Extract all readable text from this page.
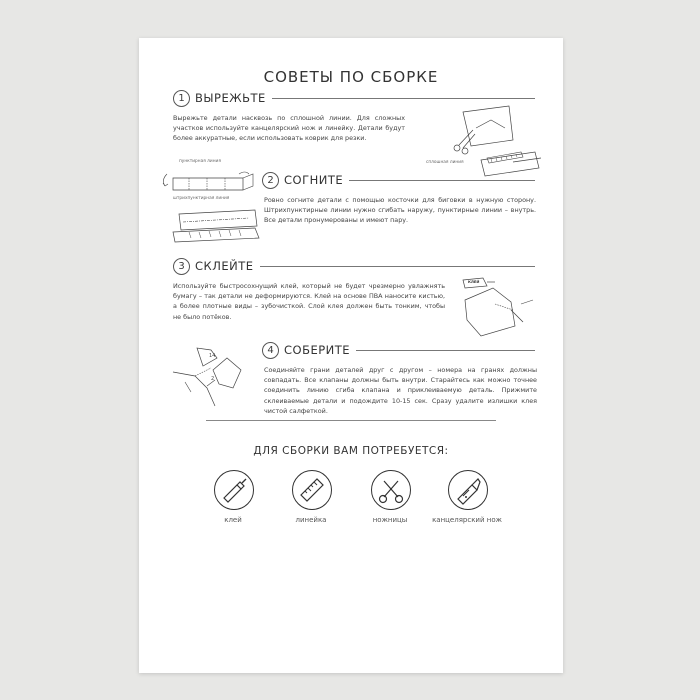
СОВЕТЫ ПО СБОРКЕ
1 ВЫРЕЖЬТЕ
Вырежьте детали насквозь по сплошной линии. Для сложных участков используйте канцелярский нож и линейку. Детали будут более аккуратные, если использовать коврик для резки.
сплошная линия
пунктирная линия
штрихпунктирная линия
2 СОГНИТЕ
Ровно согните детали с помощью косточки для биговки в нужную сторону. Штрихпунктирные линии нужно сгибать наружу, пунктирные линии – внутрь. Все детали пронумерованы и имеют пару.
3 СКЛЕЙТЕ
Используйте быстросохнущий клей, который не будет чрезмерно увлажнять бумагу – так детали не деформируются. Клей на основе ПВА наносите кистью, а более плотные виды – зубочисткой. Слой клея должен быть тонким, чтобы не было потёков.
КЛЕЙ
14
2
4 СОБЕРИТЕ
Соединяйте грани деталей друг с другом – номера на гранях должны совпадать. Все клапаны должны быть внутри. Старайтесь как можно точнее соединить линию сгиба клапана и приклеиваемую деталь. Прижмите склеиваемые детали и подождите 10-15 сек. Сразу удалите излишки клея чистой салфеткой.
ДЛЯ СБОРКИ ВАМ ПОТРЕБУЕТСЯ:
клей	линейка	ножницы	канцелярский нож
